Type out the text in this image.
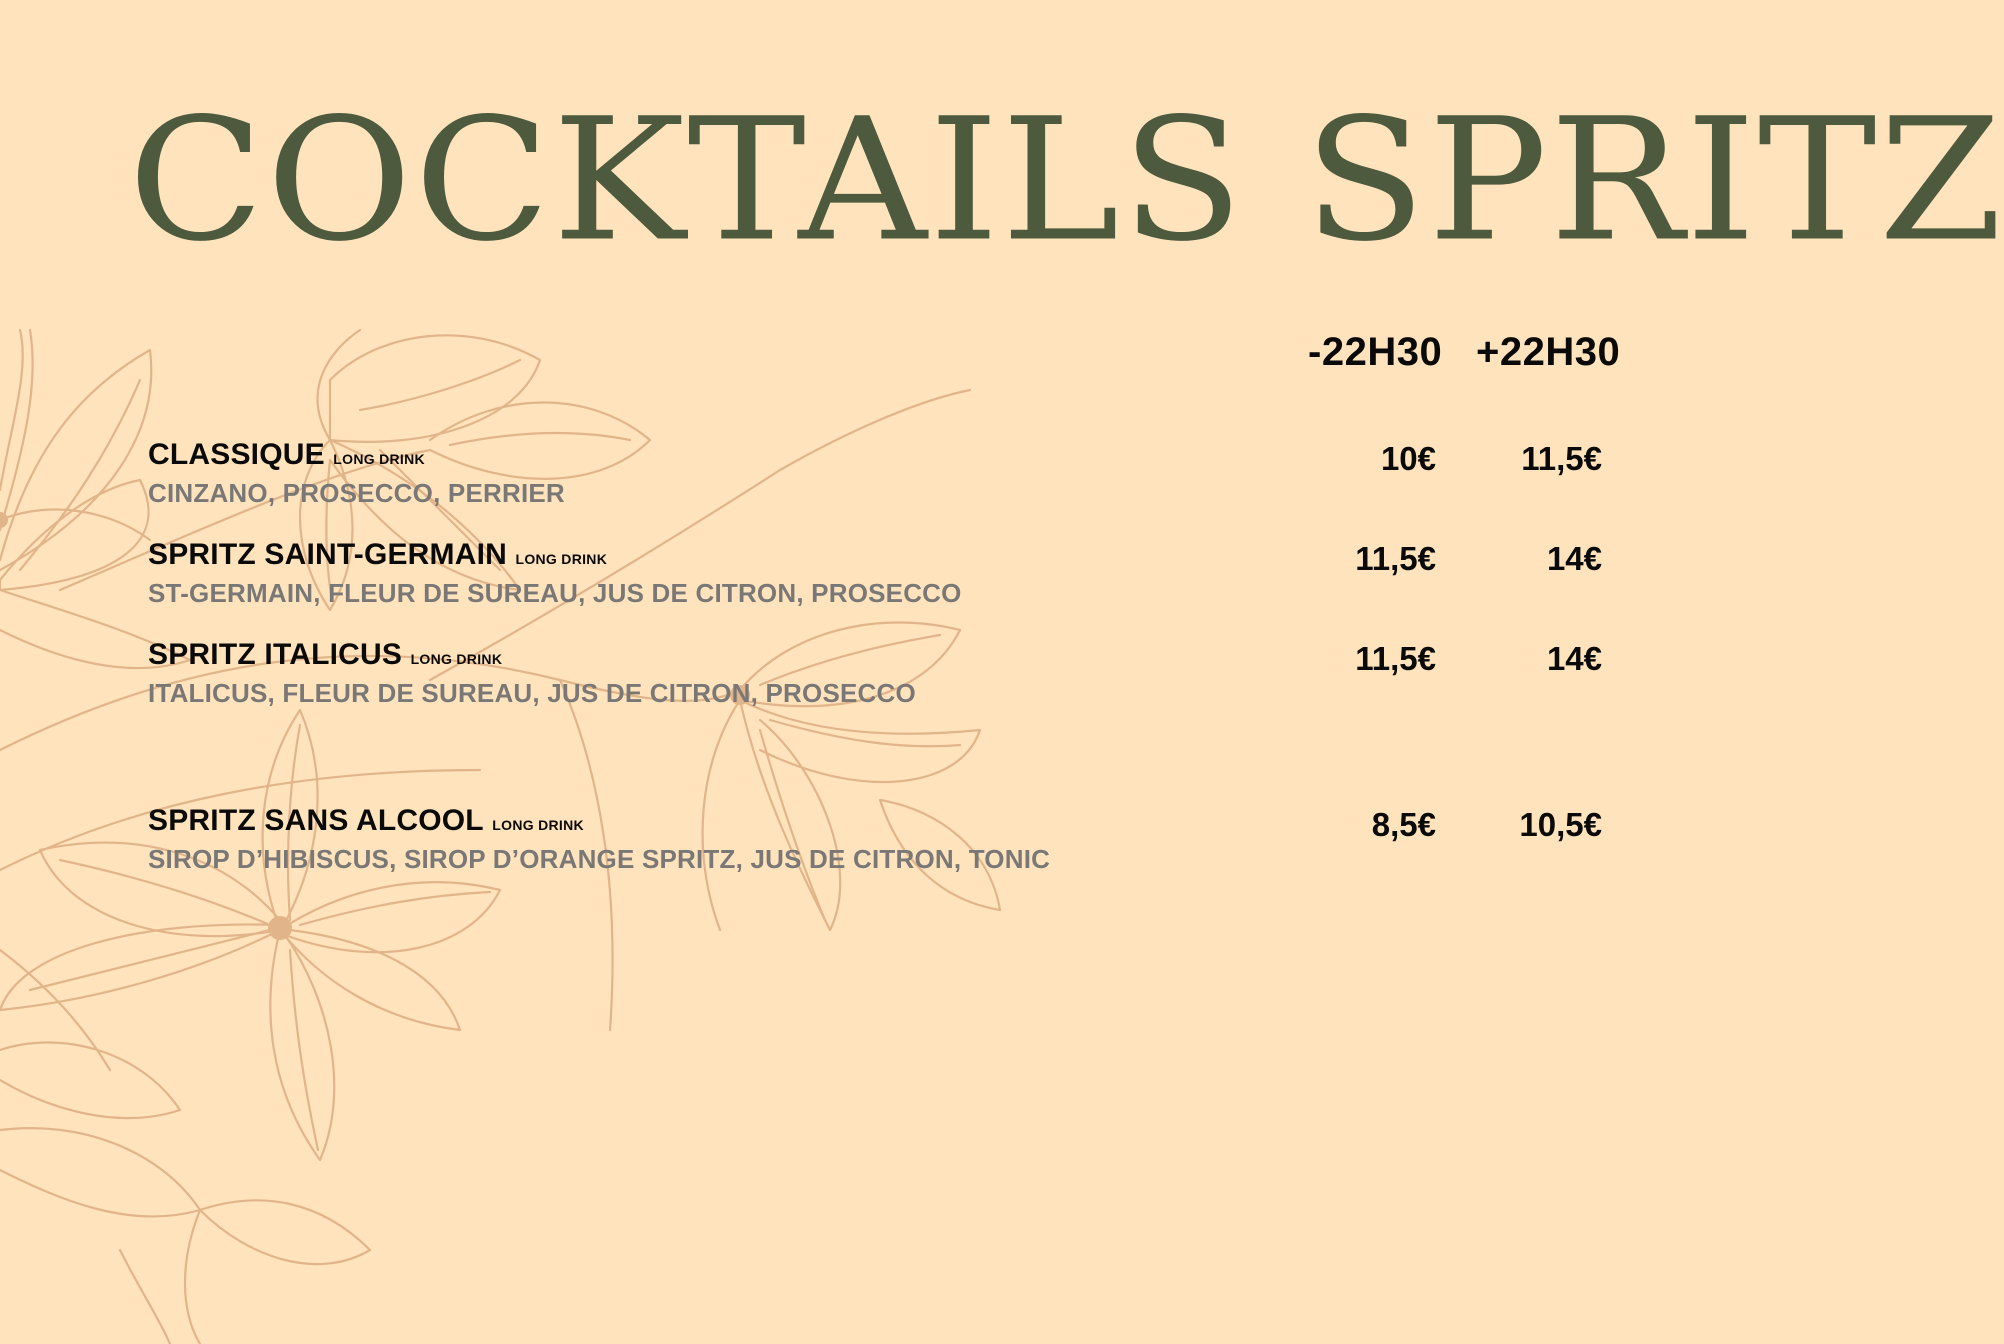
COCKTAILS SPRITZ
-22H30 +22H30
CLASSIQUE LONG DRINK
CINZANO, PROSECCO, PERRIER
10€	11,5€
SPRITZ SAINT-GERMAIN LONG DRINK
ST-GERMAIN, FLEUR DE SUREAU, JUS DE CITRON, PROSECCO
11,5€	14€
SPRITZ ITALICUS LONG DRINK
ITALICUS, FLEUR DE SUREAU, JUS DE CITRON, PROSECCO
11,5€	14€
SPRITZ SANS ALCOOL LONG DRINK
SIROP D’HIBISCUS, SIROP D’ORANGE SPRITZ, JUS DE CITRON, TONIC
8,5€	10,5€
